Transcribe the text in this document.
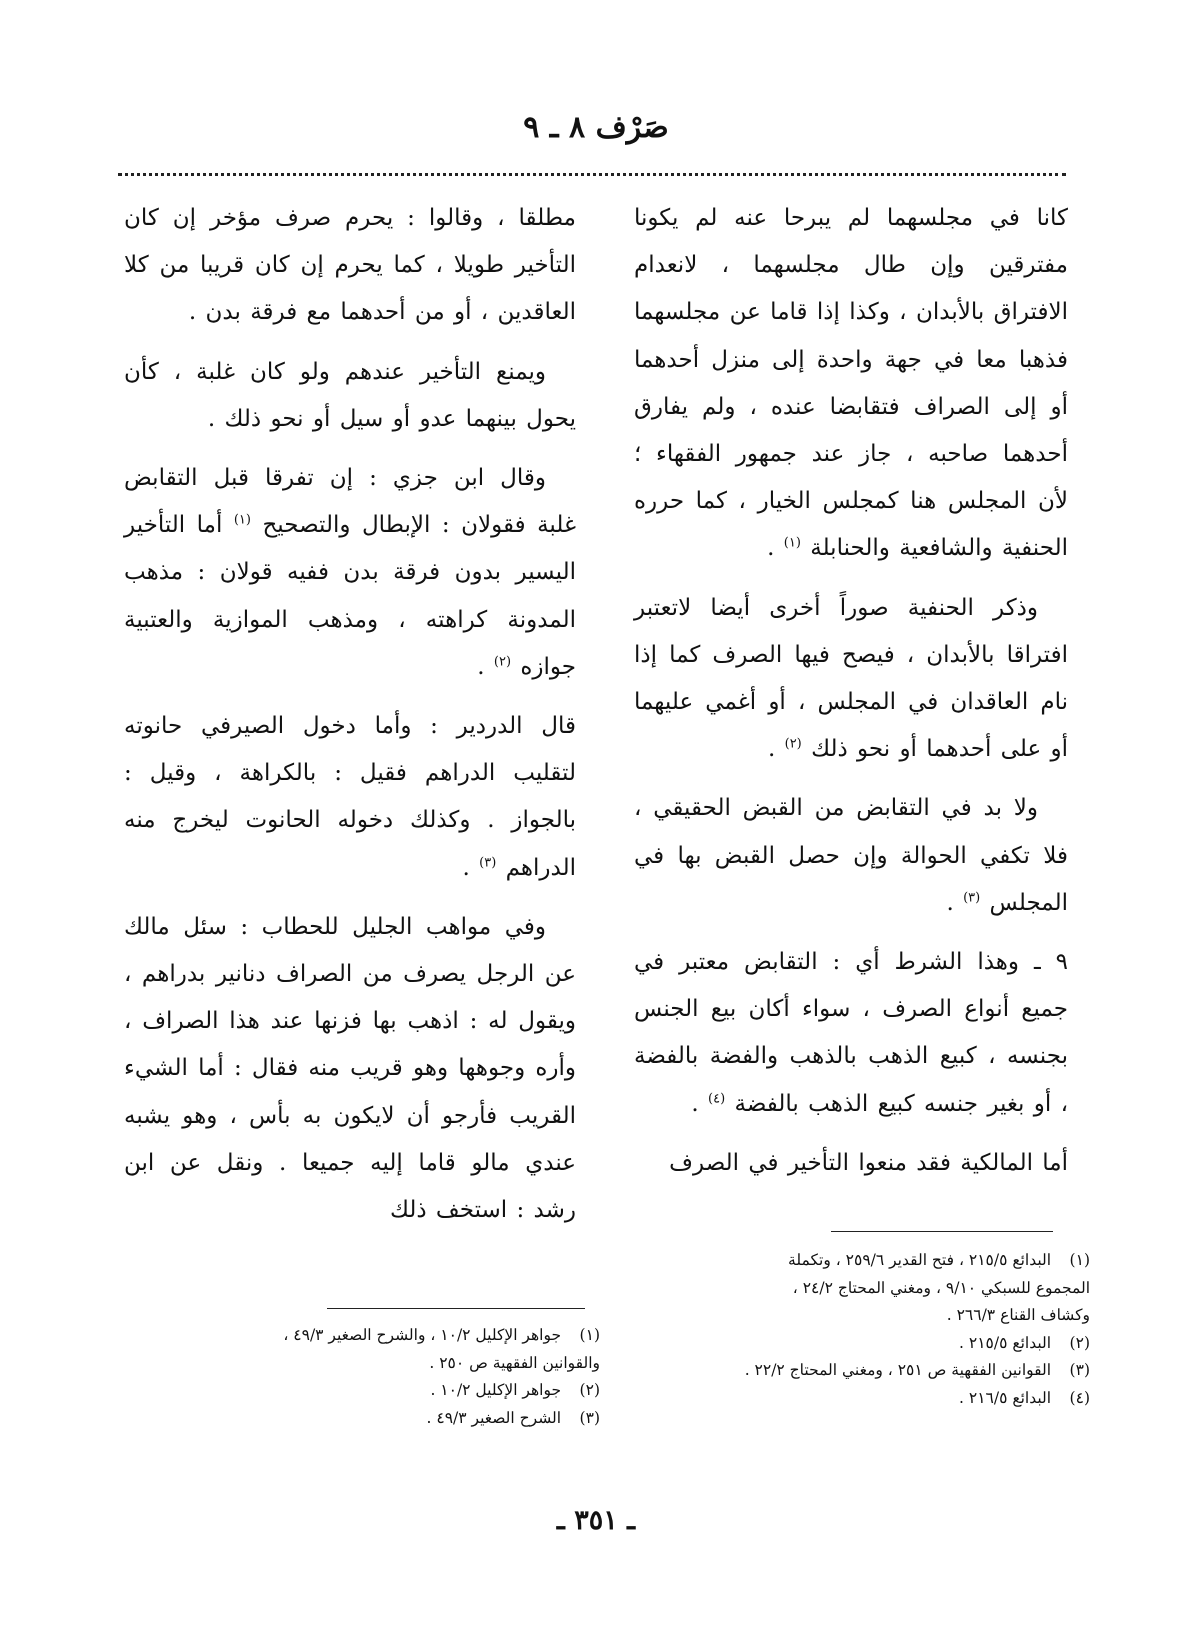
صَرْف ٨ ـ ٩

كانا في مجلسهما لم يبرحا عنه لم يكونا مفترقين وإن طال مجلسهما ، لانعدام الافتراق بالأبدان ، وكذا إذا قاما عن مجلسهما فذهبا معا في جهة واحدة إلى منزل أحدهما أو إلى الصراف فتقابضا عنده ، ولم يفارق أحدهما صاحبه ، جاز عند جمهور الفقهاء ؛ لأن المجلس هنا كمجلس الخيار ، كما حرره الحنفية والشافعية والحنابلة $^{(١)}$ .

وذكر الحنفية صوراً أخرى أيضا لاتعتبر افتراقا بالأبدان ، فيصح فيها الصرف كما إذا نام العاقدان في المجلس ، أو أغمي عليهما أو على أحدهما أو نحو ذلك $^{(٢)}$ .

ولا بد في التقابض من القبض الحقيقي ، فلا تكفي الحوالة وإن حصل القبض بها في المجلس $^{(٣)}$ .

٩ ـ وهذا الشرط أي : التقابض معتبر في جميع أنواع الصرف ، سواء أكان بيع الجنس بجنسه ، كبيع الذهب بالذهب والفضة بالفضة ، أو بغير جنسه كبيع الذهب بالفضة $^{(٤)}$ .

أما المالكية فقد منعوا التأخير في الصرف

مطلقا ، وقالوا : يحرم صرف مؤخر إن كان التأخير طويلا ، كما يحرم إن كان قريبا من كلا العاقدين ، أو من أحدهما مع فرقة بدن .

ويمنع التأخير عندهم ولو كان غلبة ، كأن يحول بينهما عدو أو سيل أو نحو ذلك .

وقال ابن جزي : إن تفرقا قبل التقابض غلبة فقولان : الإبطال والتصحيح $^{(١)}$ أما التأخير اليسير بدون فرقة بدن ففيه قولان : مذهب المدونة كراهته ، ومذهب الموازية والعتبية جوازه $^{(٢)}$ .

قال الدردير : وأما دخول الصيرفي حانوته لتقليب الدراهم فقيل : بالكراهة ، وقيل : بالجواز . وكذلك دخوله الحانوت ليخرج منه الدراهم $^{(٣)}$ .

وفي مواهب الجليل للحطاب : سئل مالك عن الرجل يصرف من الصراف دنانير بدراهم ، ويقول له : اذهب بها فزنها عند هذا الصراف ، وأره وجوهها وهو قريب منه فقال : أما الشيء القريب فأرجو أن لايكون به بأس ، وهو يشبه عندي مالو قاما إليه جميعا . ونقل عن ابن رشد : استخف ذلك

(١) البدائع ٢١٥/٥ ، فتح القدير ٢٥٩/٦ ، وتكملة

المجموع للسبكي ٩/١٠ ، ومغني المحتاج ٢٤/٢ ،

وكشاف القناع ٢٦٦/٣ .

(٢) البدائع ٢١٥/٥ .

(٣) القوانين الفقهية ص ٢٥١ ، ومغني المحتاج ٢٢/٢ .

(٤) البدائع ٢١٦/٥ .

(١) جواهر الإكليل ١٠/٢ ، والشرح الصغير ٤٩/٣ ،

والقوانين الفقهية ص ٢٥٠ .

(٢) جواهر الإكليل ١٠/٢ .

(٣) الشرح الصغير ٤٩/٣ .

ـ ٣٥١ ـ
